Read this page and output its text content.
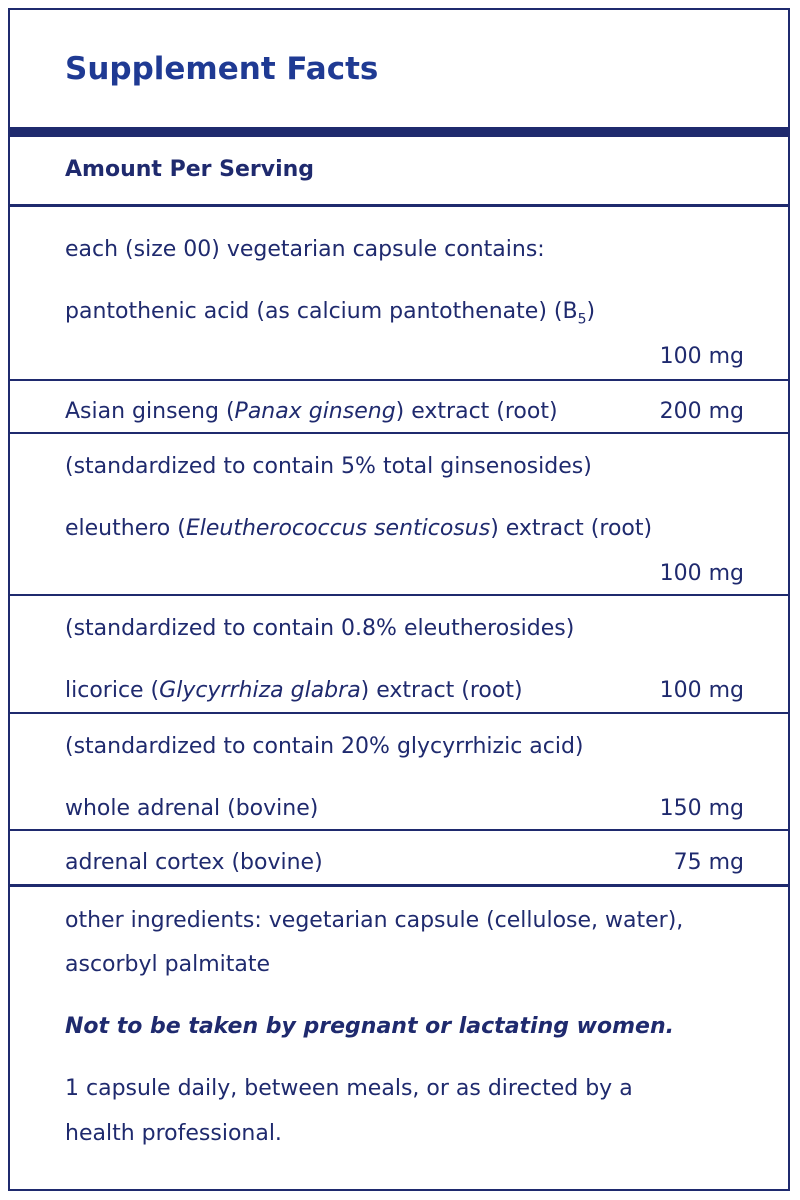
Supplement Facts
Amount Per Serving
each (size 00) vegetarian capsule contains:
pantothenic acid (as calcium pantothenate) $(B_5)$
100 mg
Asian ginseng (Panax ginseng) extract (root)	200 mg
(standardized to contain 5% total ginsenosides)
eleuthero (Eleutherococcus senticosus) extract (root)
100 mg
(standardized to contain 0.8% eleutherosides)
licorice (Glycyrrhiza glabra) extract (root)	100 mg
(standardized to contain 20% glycyrrhizic acid)
whole adrenal (bovine)	150 mg
adrenal cortex (bovine)	75 mg
other ingredients: vegetarian capsule (cellulose, water),
ascorbyl palmitate
Not to be taken by pregnant or lactating women.
1 capsule daily, between meals, or as directed by a
health professional.
